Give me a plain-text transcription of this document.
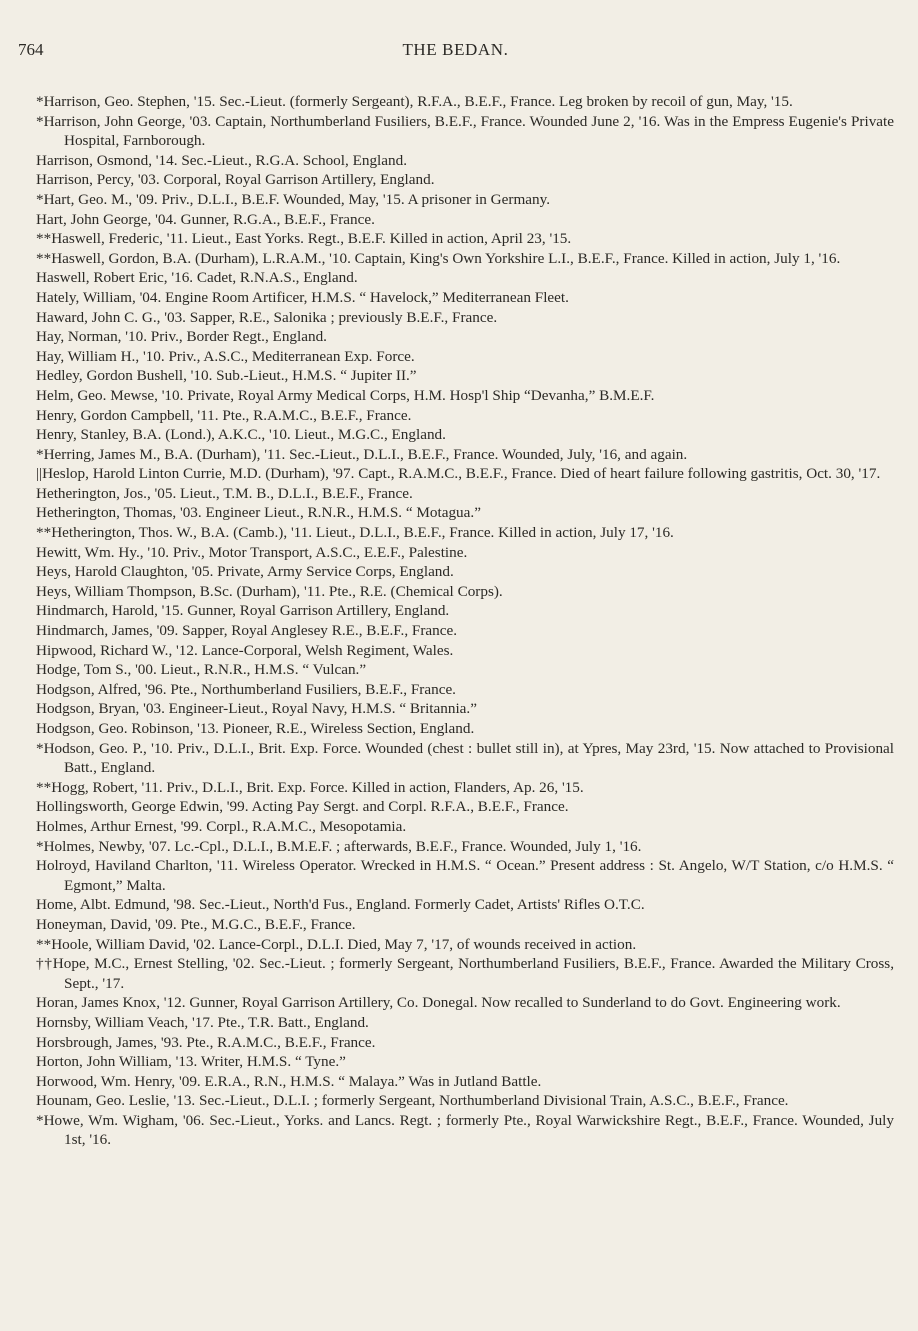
764	THE BEDAN.
*Harrison, Geo. Stephen, '15. Sec.-Lieut. (formerly Sergeant), R.F.A., B.E.F., France. Leg broken by recoil of gun, May, '15.
*Harrison, John George, '03. Captain, Northumberland Fusiliers, B.E.F., France. Wounded June 2, '16. Was in the Empress Eugenie's Private Hospital, Farnborough.
Harrison, Osmond, '14. Sec.-Lieut., R.G.A. School, England.
Harrison, Percy, '03. Corporal, Royal Garrison Artillery, England.
*Hart, Geo. M., '09. Priv., D.L.I., B.E.F. Wounded, May, '15. A prisoner in Germany.
Hart, John George, '04. Gunner, R.G.A., B.E.F., France.
**Haswell, Frederic, '11. Lieut., East Yorks. Regt., B.E.F. Killed in action, April 23, '15.
**Haswell, Gordon, B.A. (Durham), L.R.A.M., '10. Captain, King's Own Yorkshire L.I., B.E.F., France. Killed in action, July 1, '16.
Haswell, Robert Eric, '16. Cadet, R.N.A.S., England.
Hately, William, '04. Engine Room Artificer, H.M.S. “ Havelock,” Mediterranean Fleet.
Haward, John C. G., '03. Sapper, R.E., Salonika ; previously B.E.F., France.
Hay, Norman, '10. Priv., Border Regt., England.
Hay, William H., '10. Priv., A.S.C., Mediterranean Exp. Force.
Hedley, Gordon Bushell, '10. Sub.-Lieut., H.M.S. “ Jupiter II.”
Helm, Geo. Mewse, '10. Private, Royal Army Medical Corps, H.M. Hosp'l Ship “Devanha,” B.M.E.F.
Henry, Gordon Campbell, '11. Pte., R.A.M.C., B.E.F., France.
Henry, Stanley, B.A. (Lond.), A.K.C., '10. Lieut., M.G.C., England.
*Herring, James M., B.A. (Durham), '11. Sec.-Lieut., D.L.I., B.E.F., France. Wounded, July, '16, and again.
||Heslop, Harold Linton Currie, M.D. (Durham), '97. Capt., R.A.M.C., B.E.F., France. Died of heart failure following gastritis, Oct. 30, '17.
Hetherington, Jos., '05. Lieut., T.M. B., D.L.I., B.E.F., France.
Hetherington, Thomas, '03. Engineer Lieut., R.N.R., H.M.S. “ Motagua.”
**Hetherington, Thos. W., B.A. (Camb.), '11. Lieut., D.L.I., B.E.F., France. Killed in action, July 17, '16.
Hewitt, Wm. Hy., '10. Priv., Motor Transport, A.S.C., E.E.F., Palestine.
Heys, Harold Claughton, '05. Private, Army Service Corps, England.
Heys, William Thompson, B.Sc. (Durham), '11. Pte., R.E. (Chemical Corps).
Hindmarch, Harold, '15. Gunner, Royal Garrison Artillery, England.
Hindmarch, James, '09. Sapper, Royal Anglesey R.E., B.E.F., France.
Hipwood, Richard W., '12. Lance-Corporal, Welsh Regiment, Wales.
Hodge, Tom S., '00. Lieut., R.N.R., H.M.S. “ Vulcan.”
Hodgson, Alfred, '96. Pte., Northumberland Fusiliers, B.E.F., France.
Hodgson, Bryan, '03. Engineer-Lieut., Royal Navy, H.M.S. “ Britannia.”
Hodgson, Geo. Robinson, '13. Pioneer, R.E., Wireless Section, England.
*Hodson, Geo. P., '10. Priv., D.L.I., Brit. Exp. Force. Wounded (chest : bullet still in), at Ypres, May 23rd, '15. Now attached to Provisional Batt., England.
**Hogg, Robert, '11. Priv., D.L.I., Brit. Exp. Force. Killed in action, Flanders, Ap. 26, '15.
Hollingsworth, George Edwin, '99. Acting Pay Sergt. and Corpl. R.F.A., B.E.F., France.
Holmes, Arthur Ernest, '99. Corpl., R.A.M.C., Mesopotamia.
*Holmes, Newby, '07. Lc.-Cpl., D.L.I., B.M.E.F. ; afterwards, B.E.F., France. Wounded, July 1, '16.
Holroyd, Haviland Charlton, '11. Wireless Operator. Wrecked in H.M.S. “ Ocean.” Present address : St. Angelo, W/T Station, c/o H.M.S. “ Egmont,” Malta.
Home, Albt. Edmund, '98. Sec.-Lieut., North'd Fus., England. Formerly Cadet, Artists' Rifles O.T.C.
Honeyman, David, '09. Pte., M.G.C., B.E.F., France.
**Hoole, William David, '02. Lance-Corpl., D.L.I. Died, May 7, '17, of wounds received in action.
††Hope, M.C., Ernest Stelling, '02. Sec.-Lieut. ; formerly Sergeant, Northumberland Fusiliers, B.E.F., France. Awarded the Military Cross, Sept., '17.
Horan, James Knox, '12. Gunner, Royal Garrison Artillery, Co. Donegal. Now recalled to Sunderland to do Govt. Engineering work.
Hornsby, William Veach, '17. Pte., T.R. Batt., England.
Horsbrough, James, '93. Pte., R.A.M.C., B.E.F., France.
Horton, John William, '13. Writer, H.M.S. “ Tyne.”
Horwood, Wm. Henry, '09. E.R.A., R.N., H.M.S. “ Malaya.” Was in Jutland Battle.
Hounam, Geo. Leslie, '13. Sec.-Lieut., D.L.I. ; formerly Sergeant, Northumberland Divisional Train, A.S.C., B.E.F., France.
*Howe, Wm. Wigham, '06. Sec.-Lieut., Yorks. and Lancs. Regt. ; formerly Pte., Royal Warwickshire Regt., B.E.F., France. Wounded, July 1st, '16.
